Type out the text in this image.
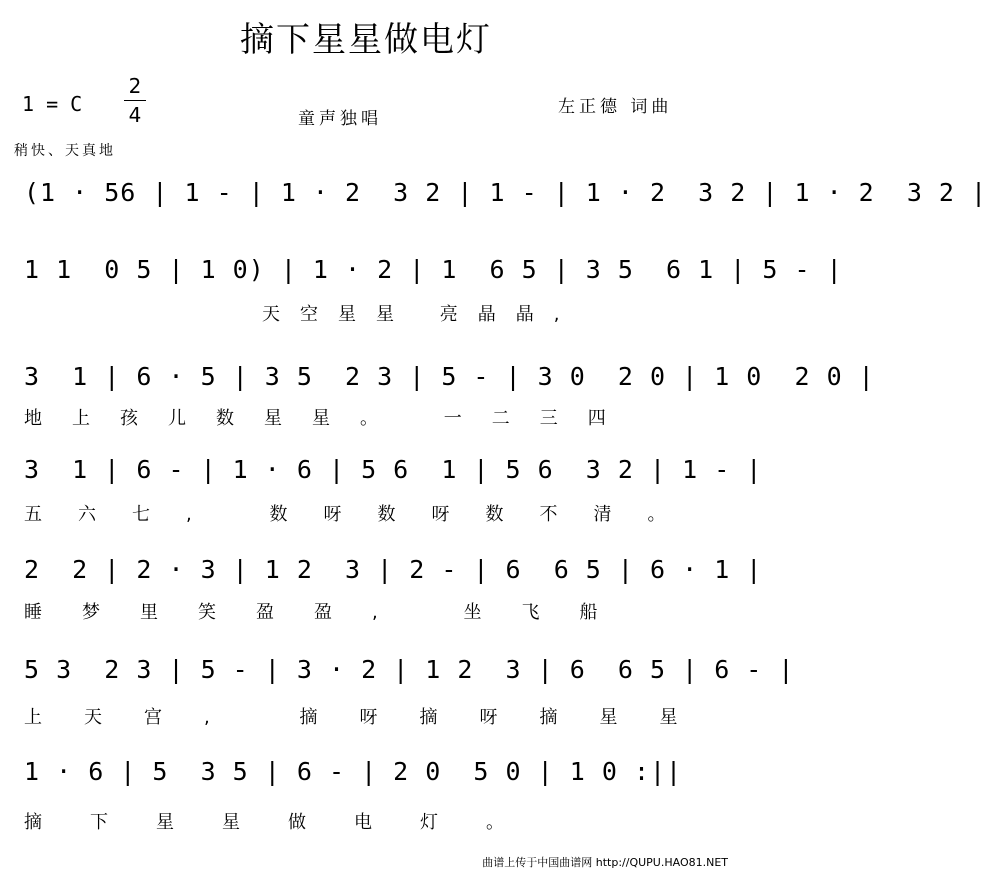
摘下星星做电灯
1 = C
2
4	童声独唱
左正德 词曲
稍快、天真地
(1 · 56 | 1 - | 1 · 2  3 2 | 1 - | 1 · 2  3 2 | 1 · 2  3 2 |
1 1  0 5 | 1 0) | 1 · 2 | 1  6 5 | 3 5  6 1 | 5 - |
天空星星 亮晶晶,
3  1 | 6 · 5 | 3 5  2 3 | 5 - | 3 0  2 0 | 1 0  2 0 |
地上孩儿数星星。 一二三四
3  1 | 6 - | 1 · 6 | 5 6  1 | 5 6  3 2 | 1 - |
五六七, 数呀数呀数不清。
2  2 | 2 · 3 | 1 2  3 | 2 - | 6  6 5 | 6 · 1 |
睡梦里笑盈盈, 坐飞船
5 3  2 3 | 5 - | 3 · 2 | 1 2  3 | 6  6 5 | 6 - |
上天宫, 摘呀摘呀摘星星
1 · 6 | 5  3 5 | 6 - | 2 0  5 0 | 1 0 :||
摘下星星做电灯。
曲谱上传于中国曲谱网 http://QUPU.HAO81.NET
